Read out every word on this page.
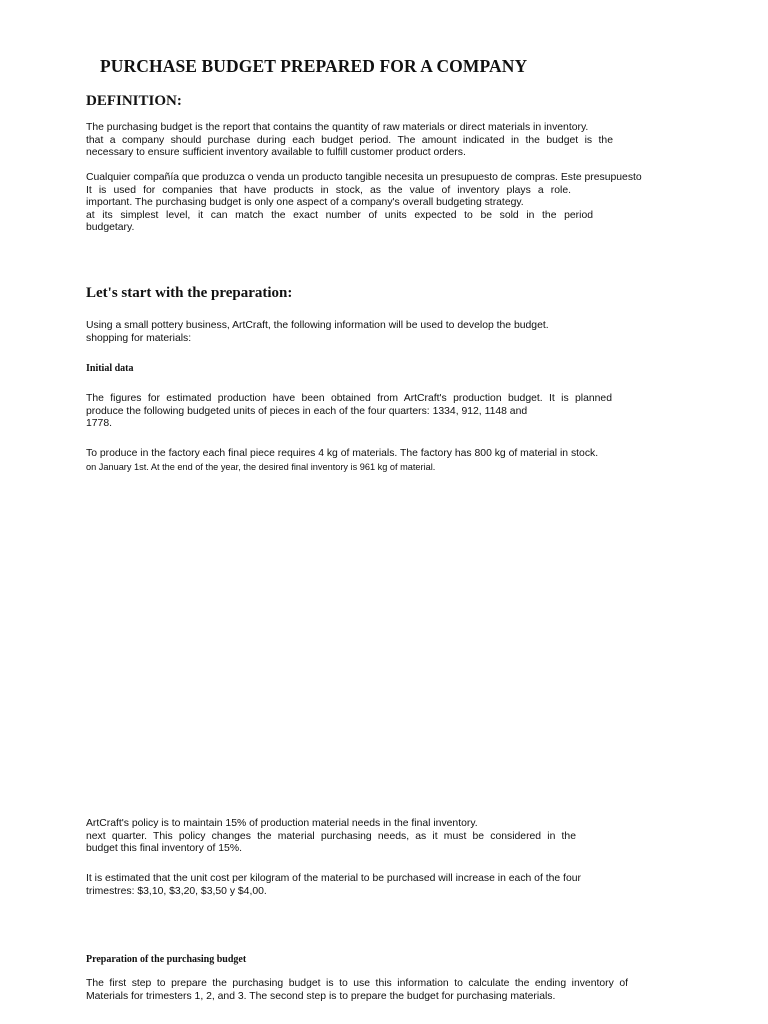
PURCHASE BUDGET PREPARED FOR A COMPANY
DEFINITION:
The purchasing budget is the report that contains the quantity of raw materials or direct materials in inventory.
that a company should purchase during each budget period. The amount indicated in the budget is the
necessary to ensure sufficient inventory available to fulfill customer product orders.
Cualquier compañía que produzca o venda un producto tangible necesita un presupuesto de compras. Este presupuesto
It is used for companies that have products in stock, as the value of inventory plays a role.
important. The purchasing budget is only one aspect of a company's overall budgeting strategy.
at its simplest level, it can match the exact number of units expected to be sold in the period
budgetary.
Let's start with the preparation:
Using a small pottery business, ArtCraft, the following information will be used to develop the budget.
shopping for materials:
Initial data
The figures for estimated production have been obtained from ArtCraft's production budget. It is planned
produce the following budgeted units of pieces in each of the four quarters: 1334, 912, 1148 and
1778.
To produce in the factory each final piece requires 4 kg of materials. The factory has 800 kg of material in stock.
on January 1st. At the end of the year, the desired final inventory is 961 kg of material.
ArtCraft's policy is to maintain 15% of production material needs in the final inventory.
next quarter. This policy changes the material purchasing needs, as it must be considered in the
budget this final inventory of 15%.
It is estimated that the unit cost per kilogram of the material to be purchased will increase in each of the four
trimestres: $3,10, $3,20, $3,50 y $4,00.
Preparation of the purchasing budget
The first step to prepare the purchasing budget is to use this information to calculate the ending inventory of
Materials for trimesters 1, 2, and 3. The second step is to prepare the budget for purchasing materials.
